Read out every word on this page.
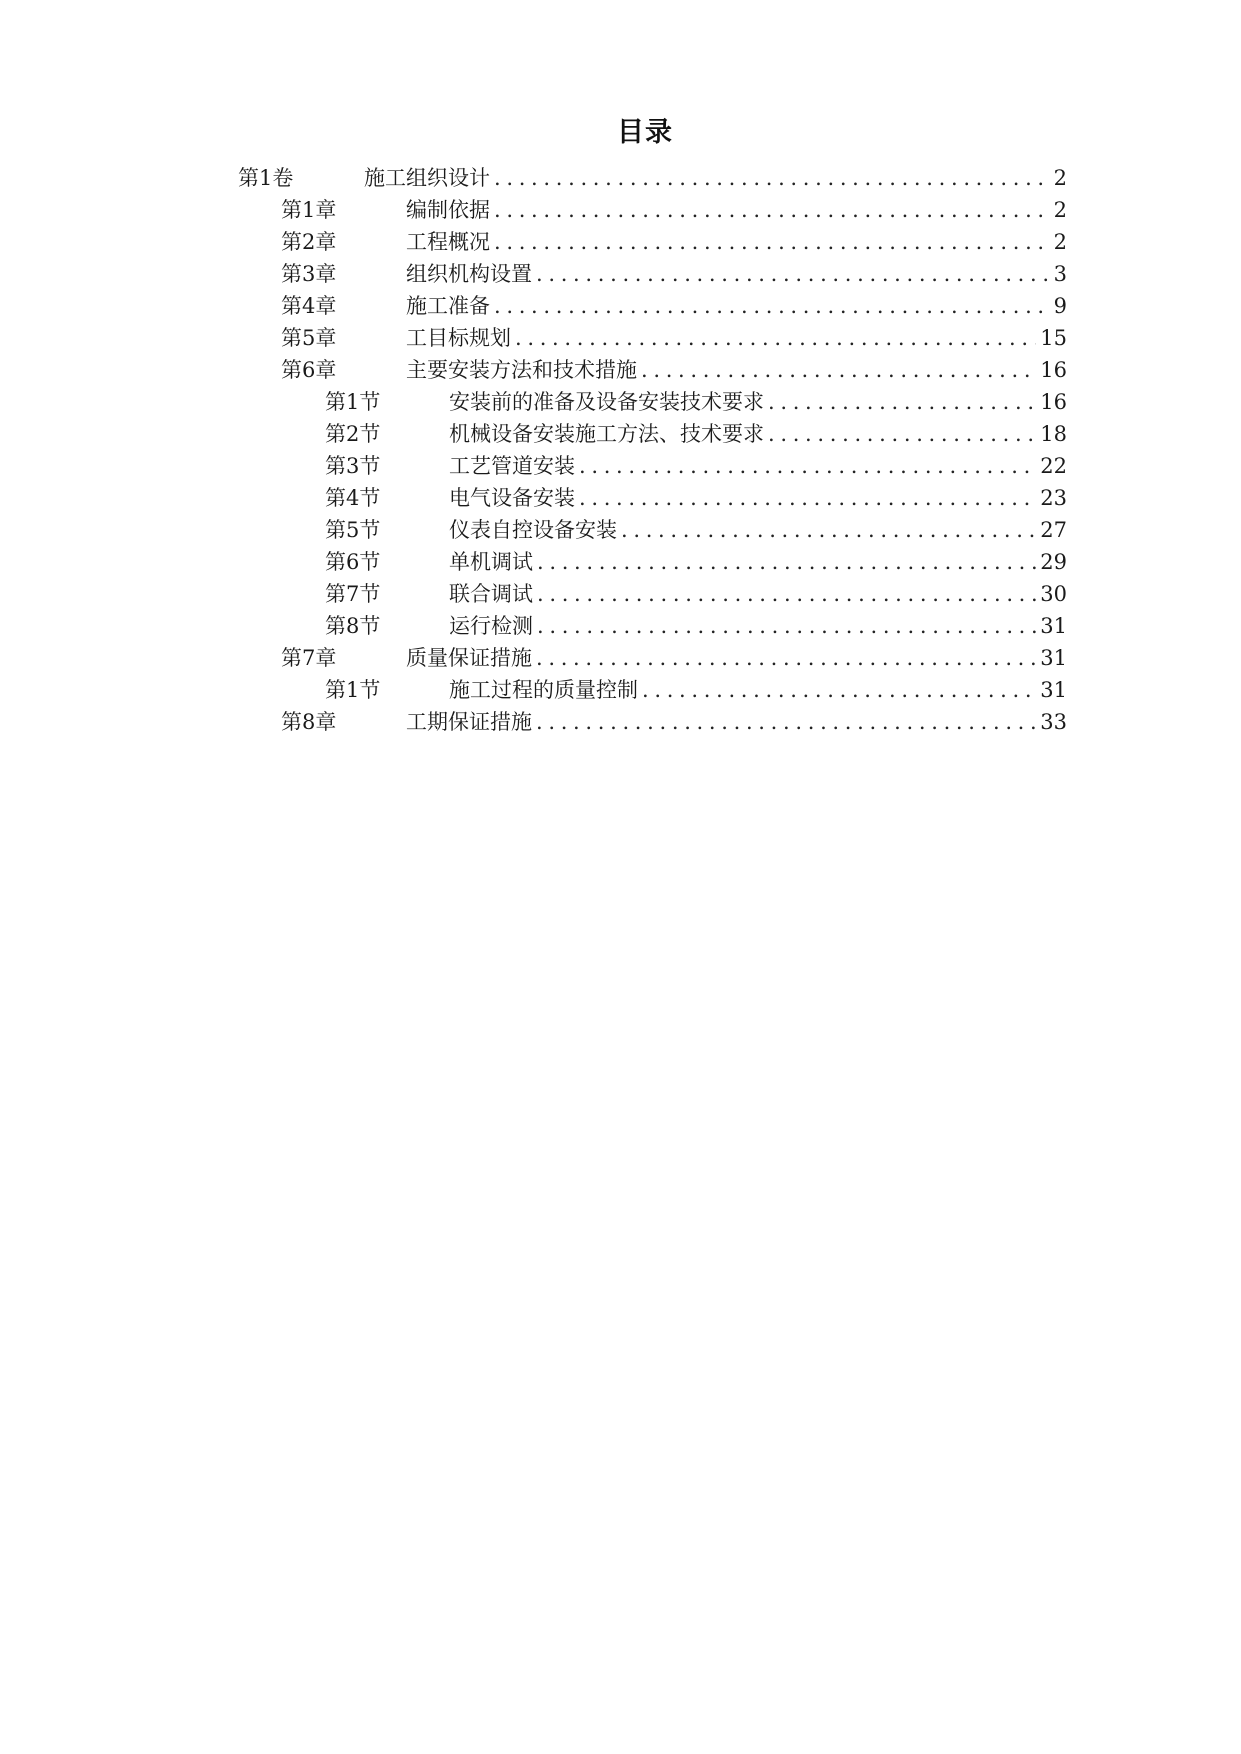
目录
第1卷	施工组织设计 . . .	2
第1章	编制依据 . . .	2
第2章	工程概况 . . .	2
第3章	组织机构设置 . . .	3
第4章	施工准备 . . .	9
第5章	工目标规划 . . .	15
第6章	主要安装方法和技术措施 . . .	16
第1节	安装前的准备及设备安装技术要求 . . .	16
第2节	机械设备安装施工方法、技术要求 . . .	18
第3节	工艺管道安装 . . .	22
第4节	电气设备安装 . . .	23
第5节	仪表自控设备安装 . . .	27
第6节	单机调试 . . .	29
第7节	联合调试 . . .	30
第8节	运行检测 . . .	31
第7章	质量保证措施 . . .	31
第1节	施工过程的质量控制 . . .	31
第8章	工期保证措施 . . .	33
